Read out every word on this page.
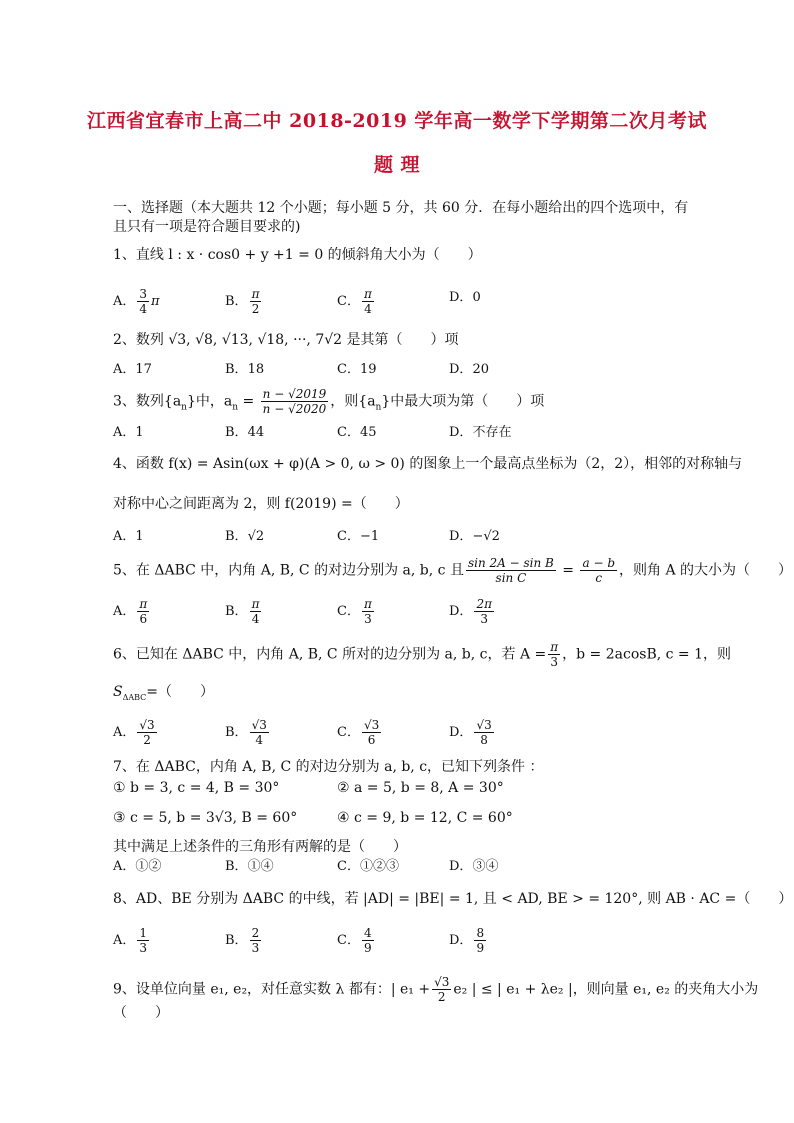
江西省宜春市上高二中 2018-2019 学年高一数学下学期第二次月考试
题 理
一、选择题（本大题共 12 个小题；每小题 5 分，共 60 分．在每小题给出的四个选项中，有
且只有一项是符合题目要求的)
1、直线 l : x · cos0 + y +1 = 0 的倾斜角大小为（　　）
A． $\frac{3}{4}$ π	B． $\frac{\pi}{2}$	C． $\frac{\pi}{4}$	D．0
2、数列 √3, √8, √13, √18, ···, 7√2 是其第（　　）项
A．17	B．18	C．19	D．20
3、数列$\{a_n\}$中，$a_n = \frac{n - √2019}{n - √2020}$ ，则$\{a_n\}$中最大项为第（　　）项
A．1	B．44	C．45	D．不存在
4、函数 f(x) = Asin(ωx + φ)(A > 0, ω > 0) 的图象上一个最高点坐标为（2，2），相邻的对称轴与
对称中心之间距离为 2，则 f(2019) =（　　）
A．1	B．√2	C．−1	D．−√2
5、在 ΔABC 中，内角 A, B, C 的对边分别为 a, b, c 且 $\frac{\text{sin 2A − sin B}}{\text{sin C}} = \frac{a - b}{c}$ ，则角 A 的大小为（　　）
A． $\frac{\pi}{6}$	B． $\frac{\pi}{4}$	C． $\frac{\pi}{3}$	D． $\frac{2\pi}{3}$
6、已知在 ΔABC 中，内角 A, B, C 所对的边分别为 a, b, c，若 $A = \frac{\pi}{3}$ ，b = 2acosB, c = 1，则
$S_{\Delta ABC}=$（　　）
A． $\frac{√3}{2}$	B． $\frac{√3}{4}$	C． $\frac{√3}{6}$	D． $\frac{√3}{8}$
7、在 ΔABC，内角 A, B, C 的对边分别为 a, b, c，已知下列条件 ：
① b = 3, c = 4, B = 30°	② a = 5, b = 8, A = 30°
③ c = 5, b = 3√3, B = 60°	④ c = 9, b = 12, C = 60°
其中满足上述条件的三角形有两解的是（　　）
A．①②	B．①④	C．①②③	D．③④
8、AD、BE 分别为 ΔABC 的中线，若 |AD| = |BE| = 1, 且 < AD, BE > = 120°, 则 AB · AC =（　　）
A． $\frac{1}{3}$	B． $\frac{2}{3}$	C． $\frac{4}{9}$	D． $\frac{8}{9}$
9、设单位向量 e₁, e₂，对任意实数 λ 都有：| $e_1 + \frac{√3}{2} e_2$ | ≤ | e₁ + λe₂ |，则向量 e₁, e₂ 的夹角大小为
（　　）
